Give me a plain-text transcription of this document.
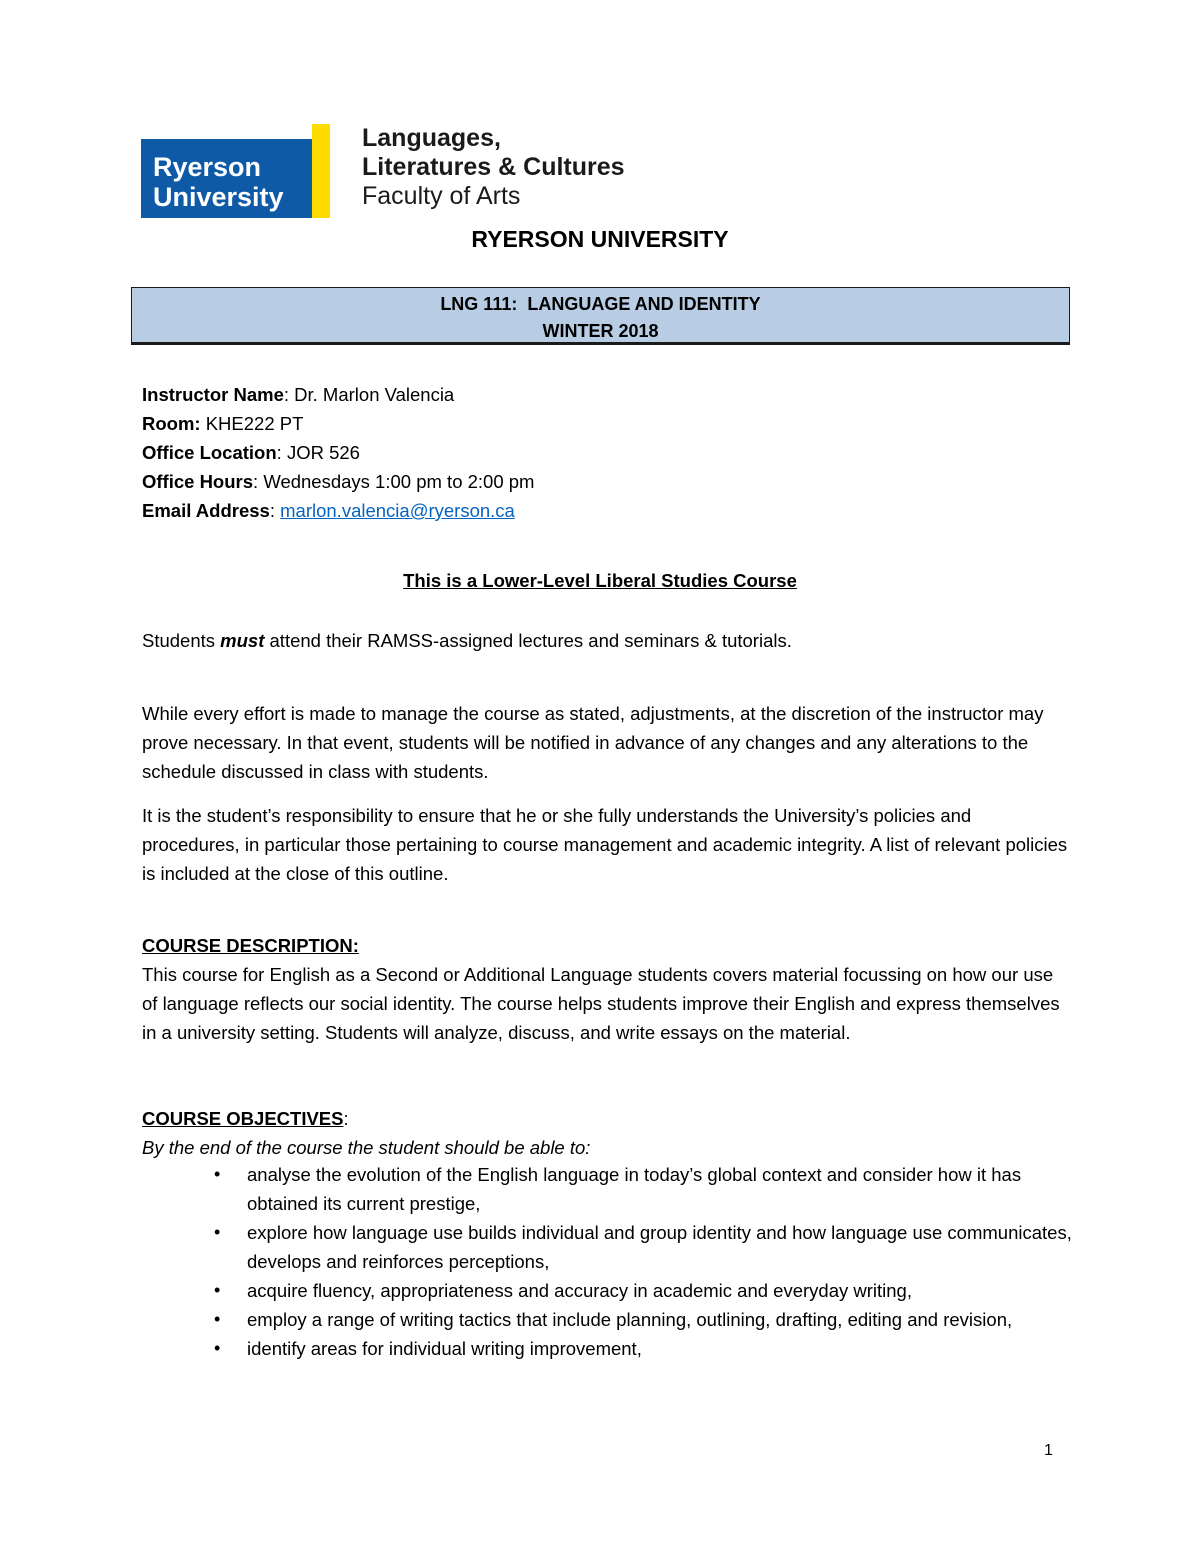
Ryerson
University
Languages,
Literatures & Cultures
Faculty of Arts
RYERSON UNIVERSITY
LNG 111:  LANGUAGE AND IDENTITY
WINTER 2018
Instructor Name: Dr. Marlon Valencia
Room: KHE222 PT
Office Location: JOR 526
Office Hours: Wednesdays 1:00 pm to 2:00 pm
Email Address: marlon.valencia@ryerson.ca
This is a Lower-Level Liberal Studies Course
Students must attend their RAMSS-assigned lectures and seminars & tutorials.
While every effort is made to manage the course as stated, adjustments, at the discretion of the instructor may prove necessary. In that event, students will be notified in advance of any changes and any alterations to the schedule discussed in class with students.
It is the student’s responsibility to ensure that he or she fully understands the University’s policies and procedures, in particular those pertaining to course management and academic integrity. A list of relevant policies is included at the close of this outline.
COURSE DESCRIPTION:
This course for English as a Second or Additional Language students covers material focussing on how our use of language reflects our social identity. The course helps students improve their English and express themselves in a university setting. Students will analyze, discuss, and write essays on the material.
COURSE OBJECTIVES:
By the end of the course the student should be able to:
• analyse the evolution of the English language in today’s global context and consider how it has obtained its current prestige,
• explore how language use builds individual and group identity and how language use communicates, develops and reinforces perceptions,
• acquire fluency, appropriateness and accuracy in academic and everyday writing,
• employ a range of writing tactics that include planning, outlining, drafting, editing and revision,
• identify areas for individual writing improvement,
1
